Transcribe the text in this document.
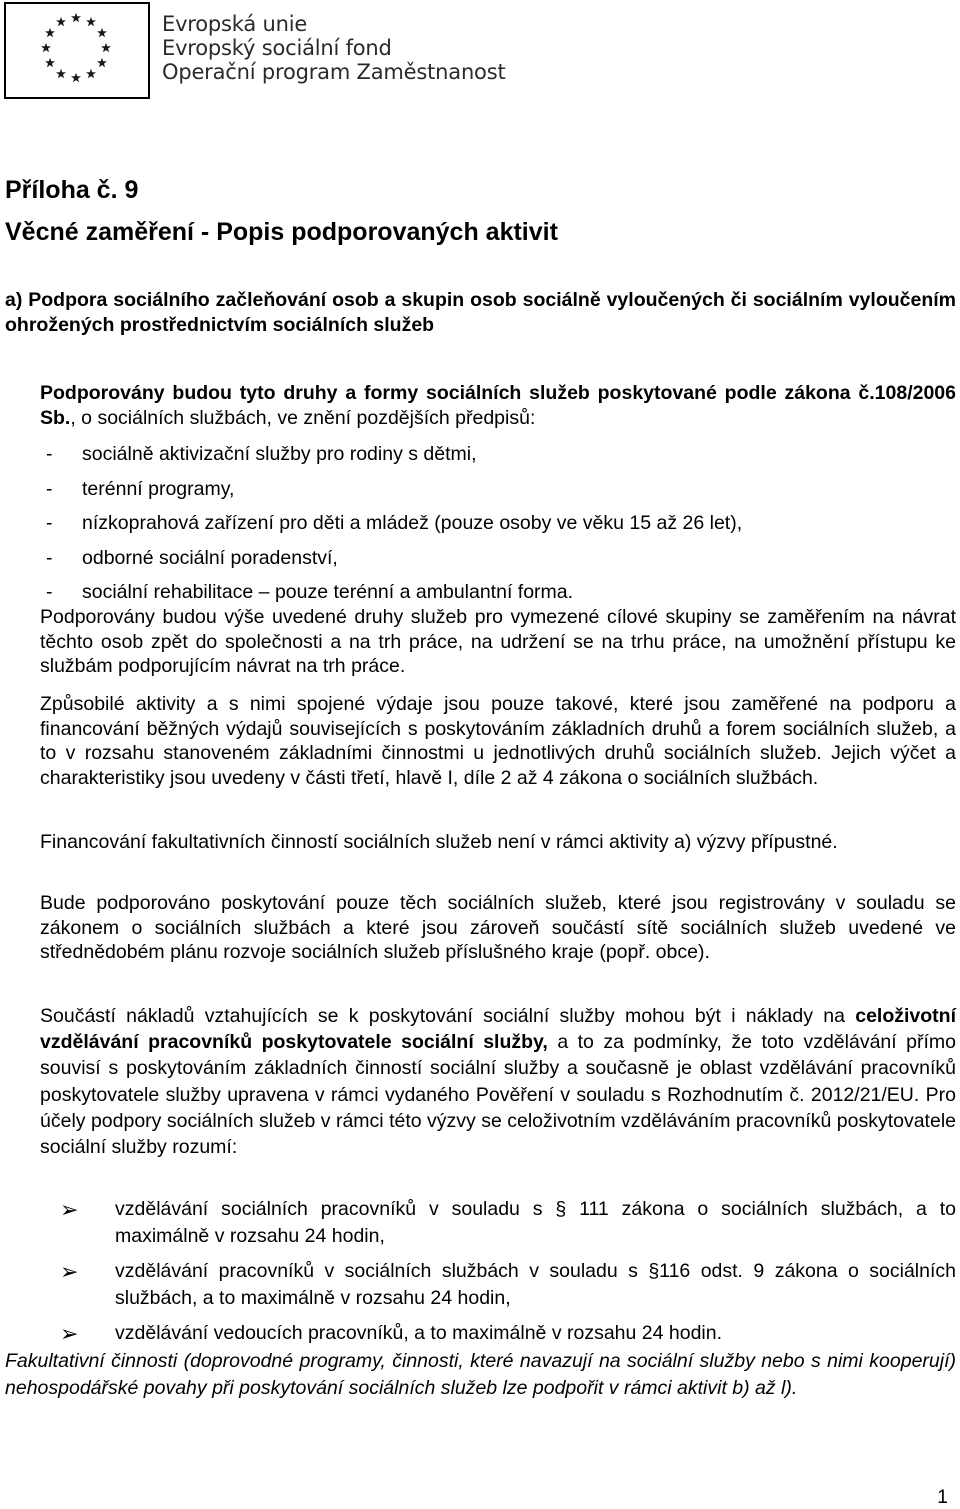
Evropská unie
Evropský sociální fond
Operační program Zaměstnanost
Příloha č. 9
Věcné zaměření - Popis podporovaných aktivit
a) Podpora sociálního začleňování osob a skupin osob sociálně vyloučených či sociálním vyloučením ohrožených prostřednictvím sociálních služeb
Podporovány budou tyto druhy a formy sociálních služeb poskytované podle zákona č.108/2006 Sb., o sociálních službách, ve znění pozdějších předpisů:
- sociálně aktivizační služby pro rodiny s dětmi,
- terénní programy,
- nízkoprahová zařízení pro děti a mládež (pouze osoby ve věku 15 až 26 let),
- odborné sociální poradenství,
- sociální rehabilitace – pouze terénní a ambulantní forma.
Podporovány budou výše uvedené druhy služeb pro vymezené cílové skupiny se zaměřením na návrat těchto osob zpět do společnosti a na trh práce, na udržení se na trhu práce, na umožnění přístupu ke službám podporujícím návrat na trh práce.
Způsobilé aktivity a s nimi spojené výdaje jsou pouze takové, které jsou zaměřené na podporu a financování běžných výdajů souvisejících s poskytováním základních druhů a forem sociálních služeb, a to v rozsahu stanoveném základními činnostmi u jednotlivých druhů sociálních služeb. Jejich výčet a charakteristiky jsou uvedeny v části třetí, hlavě I, díle 2 až 4 zákona o sociálních službách.
Financování fakultativních činností sociálních služeb není v rámci aktivity a) výzvy přípustné.
Bude podporováno poskytování pouze těch sociálních služeb, které jsou registrovány v souladu se zákonem o sociálních službách a které jsou zároveň součástí sítě sociálních služeb uvedené ve střednědobém plánu rozvoje sociálních služeb příslušného kraje (popř. obce).
Součástí nákladů vztahujících se k poskytování sociální služby mohou být i náklady na celoživotní vzdělávání pracovníků poskytovatele sociální služby, a to za podmínky, že toto vzdělávání přímo souvisí s poskytováním základních činností sociální služby a současně je oblast vzdělávání pracovníků poskytovatele služby upravena v rámci vydaného Pověření v souladu s Rozhodnutím č. 2012/21/EU. Pro účely podpory sociálních služeb v rámci této výzvy se celoživotním vzděláváním pracovníků poskytovatele sociální služby rozumí:
➢	vzdělávání sociálních pracovníků v souladu s § 111 zákona o sociálních službách, a to maximálně v rozsahu 24 hodin,
➢	vzdělávání pracovníků v sociálních službách v souladu s §116 odst. 9 zákona o sociálních službách, a to maximálně v rozsahu 24 hodin,
➢	vzdělávání vedoucích pracovníků, a to maximálně v rozsahu 24 hodin.
Fakultativní činnosti (doprovodné programy, činnosti, které navazují na sociální služby nebo s nimi kooperují) nehospodářské povahy při poskytování sociálních služeb lze podpořit v rámci aktivit b) až l).
1
